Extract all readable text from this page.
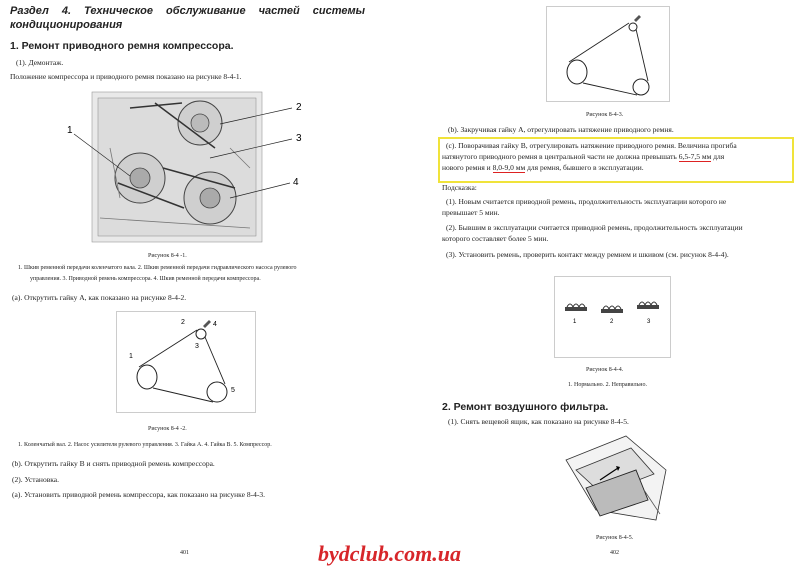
Раздел 4. Техническое обслуживание частей системы кондиционирования
1. Ремонт приводного ремня компрессора.
(1). Демонтаж.
Положение компрессора и приводного ремня показано на рисунке 8-4-1.
1
2
3
4
Рисунок 8-4 -1.
1. Шкив ременной передачи коленчатого вала. 2. Шкив ременной передачи гидравлического насоса рулевого
управления. 3. Приводной ремень компрессора. 4. Шкив ременной передачи компрессора.
(a). Открутить гайку A, как показано на рисунке 8-4-2.
2	4
3
1
5
Рисунок 8-4 -2.
1. Коленчатый вал. 2. Насос усилителя рулевого управления. 3. Гайка A. 4. Гайка B. 5. Компрессор.
(b). Открутить гайку B и снять приводной ремень компрессора.
(2). Установка.
(a). Установить приводной ремень компрессора, как показано на рисунке 8-4-3.
401
Рисунок 8-4-3.
(b). Закручивая гайку A, отрегулировать натяжение приводного ремня.
(c). Поворачивая гайку B, отрегулировать натяжение приводного ремня. Величина прогиба
натянутого приводного ремня в центральной части не должна превышать 6,5-7,5 мм для
нового ремня и 8,0-9,0 мм для ремня, бывшего в эксплуатации.
Подсказка:
(1). Новым считается приводной ремень, продолжительность эксплуатации которого не
превышает 5 мин.
(2). Бывшим в эксплуатации считается приводной ремень, продолжительность эксплуатации
которого составляет более 5 мин.
(3). Установить ремень, проверить контакт между ремнем и шкивом (см. рисунок 8-4-4).
1	2	3
Рисунок 8-4-4.
1. Нормально. 2. Неправильно.
2. Ремонт воздушного фильтра.
(1). Снять вещевой ящик, как показано на рисунке 8-4-5.
Рисунок 8-4-5.
402
bydclub.com.ua
